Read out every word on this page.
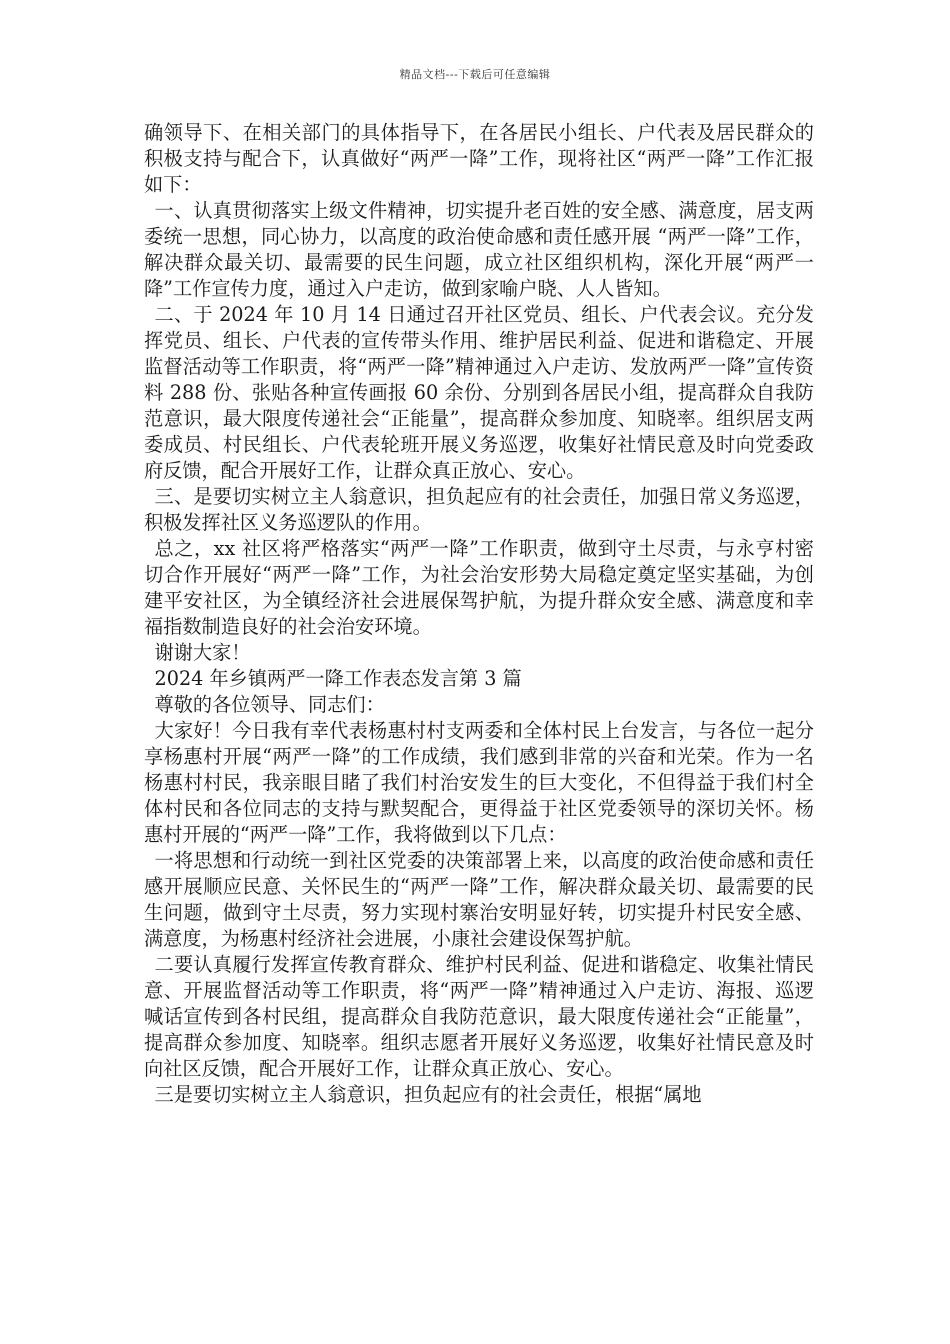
精品文档---下载后可任意编辑

确领导下、在相关部门的具体指导下，在各居民小组长、户代表及居民群众的积极支持与配合下，认真做好“两严一降”工作，现将社区“两严一降”工作汇报如下：

一、认真贯彻落实上级文件精神，切实提升老百姓的安全感、满意度，居支两委统一思想，同心协力，以高度的政治使命感和责任感开展 “两严一降”工作，解决群众最关切、最需要的民生问题，成立社区组织机构，深化开展“两严一降”工作宣传力度，通过入户走访，做到家喻户晓、人人皆知。

二、于 2024 年 10 月 14 日通过召开社区党员、组长、户代表会议。充分发挥党员、组长、户代表的宣传带头作用、维护居民利益、促进和谐稳定、开展监督活动等工作职责，将“两严一降”精神通过入户走访、发放两严一降”宣传资料 288 份、张贴各种宣传画报 60 余份、分别到各居民小组，提高群众自我防范意识，最大限度传递社会“正能量”，提高群众参加度、知晓率。组织居支两委成员、村民组长、户代表轮班开展义务巡逻，收集好社情民意及时向党委政府反馈，配合开展好工作，让群众真正放心、安心。

三、是要切实树立主人翁意识，担负起应有的社会责任，加强日常义务巡逻，积极发挥社区义务巡逻队的作用。

总之，xx 社区将严格落实“两严一降”工作职责，做到守土尽责，与永亨村密切合作开展好“两严一降”工作，为社会治安形势大局稳定奠定坚实基础，为创建平安社区，为全镇经济社会进展保驾护航，为提升群众安全感、满意度和幸福指数制造良好的社会治安环境。

谢谢大家！

2024 年乡镇两严一降工作表态发言第 3 篇

尊敬的各位领导、同志们：

大家好！今日我有幸代表杨惠村村支两委和全体村民上台发言，与各位一起分享杨惠村开展“两严一降”的工作成绩，我们感到非常的兴奋和光荣。作为一名杨惠村村民，我亲眼目睹了我们村治安发生的巨大变化，不但得益于我们村全体村民和各位同志的支持与默契配合，更得益于社区党委领导的深切关怀。杨惠村开展的“两严一降”工作，我将做到以下几点：

一将思想和行动统一到社区党委的决策部署上来，以高度的政治使命感和责任感开展顺应民意、关怀民生的“两严一降”工作，解决群众最关切、最需要的民生问题，做到守土尽责，努力实现村寨治安明显好转，切实提升村民安全感、满意度，为杨惠村经济社会进展，小康社会建设保驾护航。

二要认真履行发挥宣传教育群众、维护村民利益、促进和谐稳定、收集社情民意、开展监督活动等工作职责，将“两严一降”精神通过入户走访、海报、巡逻喊话宣传到各村民组，提高群众自我防范意识，最大限度传递社会“正能量”，提高群众参加度、知晓率。组织志愿者开展好义务巡逻，收集好社情民意及时向社区反馈，配合开展好工作，让群众真正放心、安心。

三是要切实树立主人翁意识，担负起应有的社会责任，根据“属地
